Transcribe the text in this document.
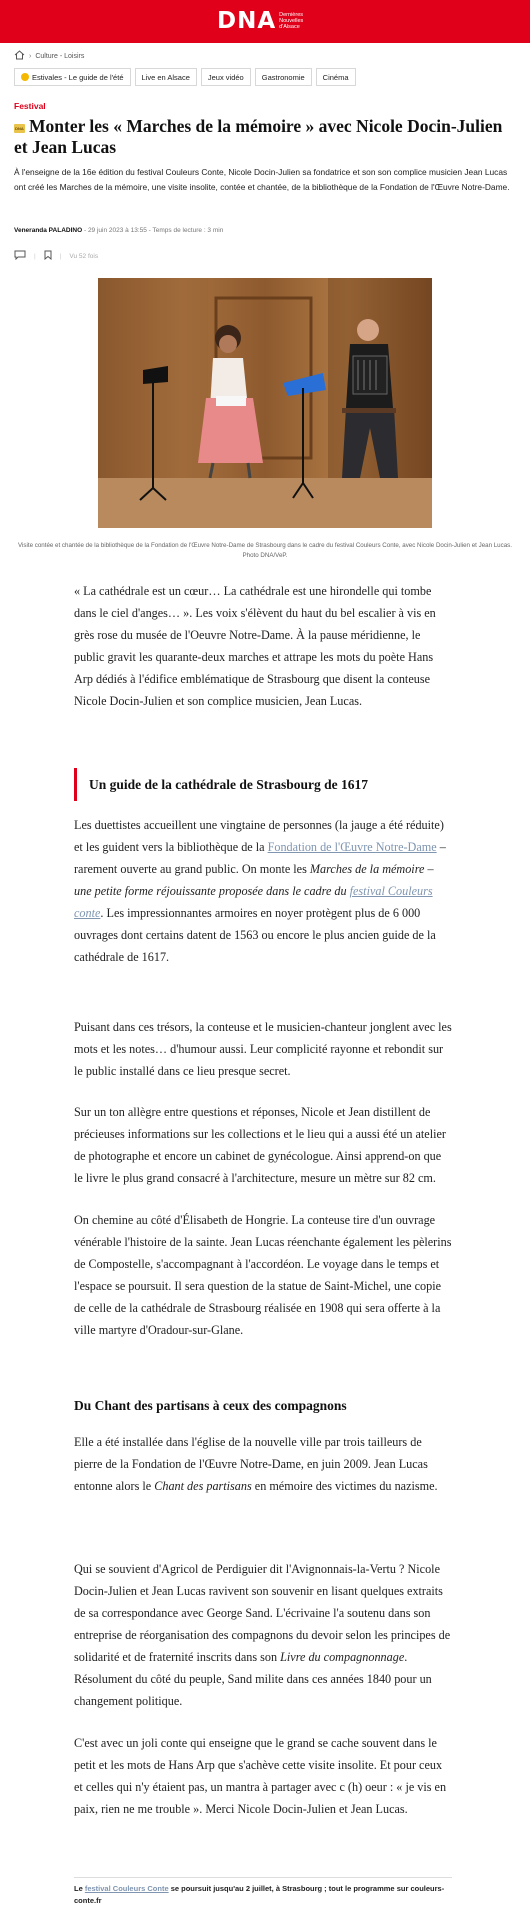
DNA Dernières
Nouvelles
d'Alsace
› Culture - Loisirs
Estivales - Le guide de l'été	Live en Alsace	Jeux vidéo	Gastronomie	Cinéma
Festival
DNA Monter les « Marches de la mémoire » avec Nicole Docin-Julien et Jean Lucas
À l'enseigne de la 16e édition du festival Couleurs Conte, Nicole Docin-Julien sa fondatrice et son son complice musicien Jean Lucas ont créé les Marches de la mémoire, une visite insolite, contée et chantée, de la bibliothèque de la Fondation de l'Œuvre Notre-Dame.
Veneranda PALADINO - 29 juin 2023 à 13:55 - Temps de lecture : 3 min
|	| Vu 52 fois
Visite contée et chantée de la bibliothèque de la Fondation de l'Œuvre Notre-Dame de Strasbourg dans le cadre du festival Couleurs Conte, avec Nicole Docin-Julien et Jean Lucas. Photo DNA/VeP.

« La cathédrale est un cœur… La cathédrale est une hirondelle qui tombe dans le ciel d'anges… ». Les voix s'élèvent du haut du bel escalier à vis en grès rose du musée de l'Oeuvre Notre-Dame. À la pause méridienne, le public gravit les quarante-deux marches et attrape les mots du poète Hans Arp dédiés à l'édifice emblématique de Strasbourg que disent la conteuse Nicole Docin-Julien et son complice musicien, Jean Lucas.

Un guide de la cathédrale de Strasbourg de 1617

Les duettistes accueillent une vingtaine de personnes (la jauge a été réduite) et les guident vers la bibliothèque de la Fondation de l'Œuvre Notre-Dame – rarement ouverte au grand public. On monte les Marches de la mémoire – une petite forme réjouissante proposée dans le cadre du festival Couleurs conte. Les impressionnantes armoires en noyer protègent plus de 6 000 ouvrages dont certains datent de 1563 ou encore le plus ancien guide de la cathédrale de 1617.

Puisant dans ces trésors, la conteuse et le musicien-chanteur jonglent avec les mots et les notes… d'humour aussi. Leur complicité rayonne et rebondit sur le public installé dans ce lieu presque secret.

Sur un ton allègre entre questions et réponses, Nicole et Jean distillent de précieuses informations sur les collections et le lieu qui a aussi été un atelier de photographe et encore un cabinet de gynécologue. Ainsi apprend-on que le livre le plus grand consacré à l'architecture, mesure un mètre sur 82 cm.

On chemine au côté d'Élisabeth de Hongrie. La conteuse tire d'un ouvrage vénérable l'histoire de la sainte. Jean Lucas réenchante également les pèlerins de Compostelle, s'accompagnant à l'accordéon. Le voyage dans le temps et l'espace se poursuit. Il sera question de la statue de Saint-Michel, une copie de celle de la cathédrale de Strasbourg réalisée en 1908 qui sera offerte à la ville martyre d'Oradour-sur-Glane.

Du Chant des partisans à ceux des compagnons

Elle a été installée dans l'église de la nouvelle ville par trois tailleurs de pierre de la Fondation de l'Œuvre Notre-Dame, en juin 2009. Jean Lucas entonne alors le Chant des partisans en mémoire des victimes du nazisme.

Qui se souvient d'Agricol de Perdiguier dit l'Avignonnais-la-Vertu ? Nicole Docin-Julien et Jean Lucas ravivent son souvenir en lisant quelques extraits de sa correspondance avec George Sand. L'écrivaine l'a soutenu dans son entreprise de réorganisation des compagnons du devoir selon les principes de solidarité et de fraternité inscrits dans son Livre du compagnonnage. Résolument du côté du peuple, Sand milite dans ces années 1840 pour un changement politique.

C'est avec un joli conte qui enseigne que le grand se cache souvent dans le petit et les mots de Hans Arp que s'achève cette visite insolite. Et pour ceux et celles qui n'y étaient pas, un mantra à partager avec c (h) oeur : « je vis en paix, rien ne me trouble ». Merci Nicole Docin-Julien et Jean Lucas.

Le festival Couleurs Conte se poursuit jusqu'au 2 juillet, à Strasbourg ; tout le programme sur couleurs-conte.fr
